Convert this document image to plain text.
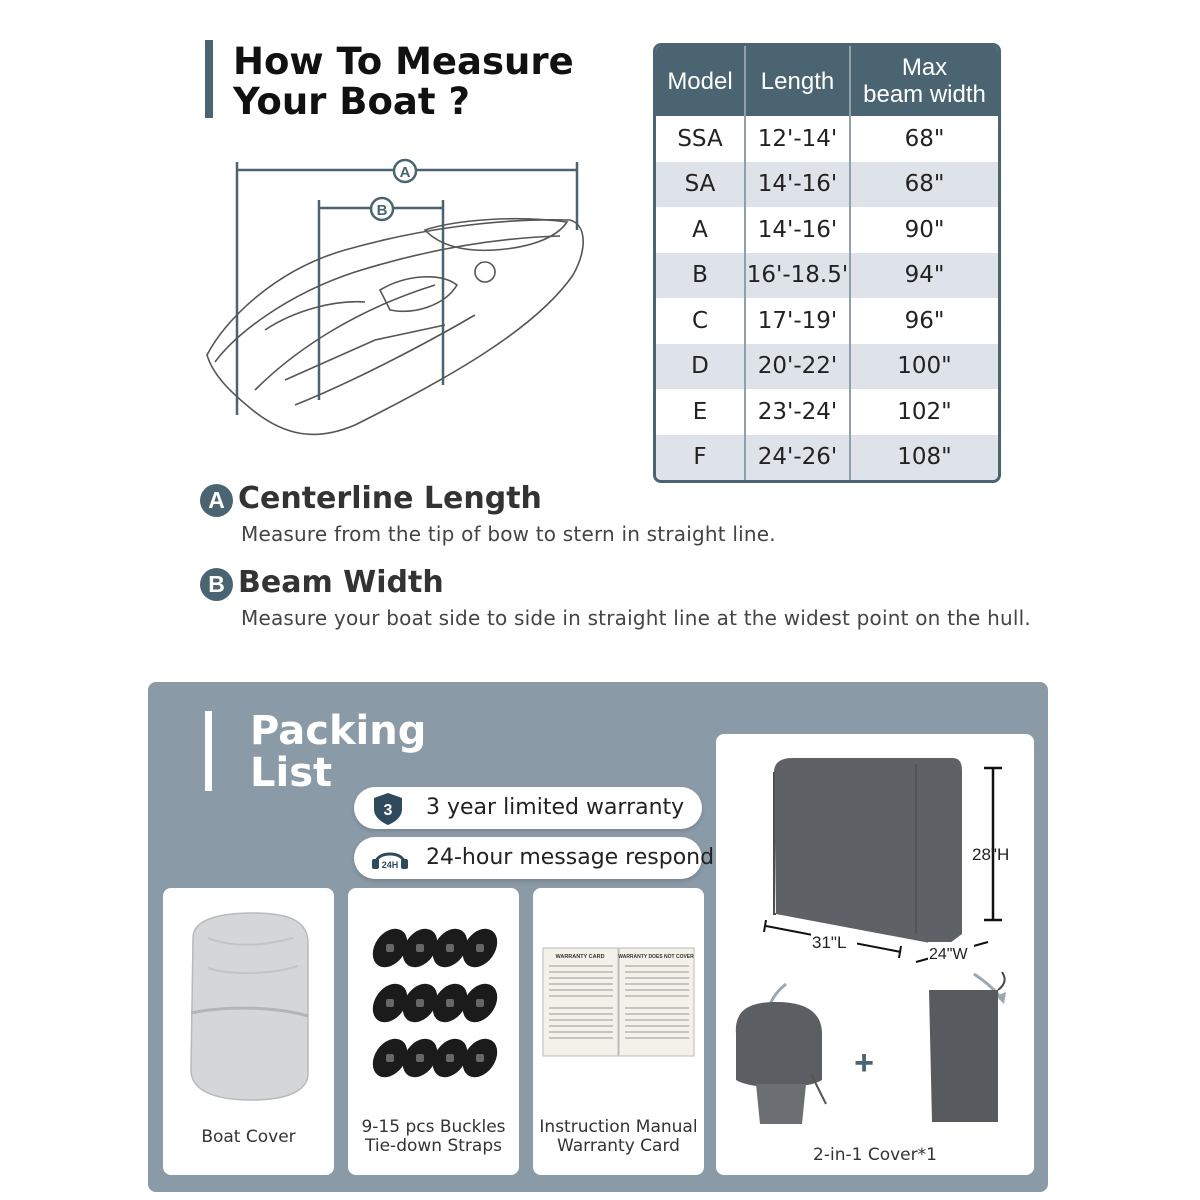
How To Measure
Your Boat ?
A
B
Model	Length	Max
beam width

SSA	12'-14'	68"
SA	14'-16'	68"
A	14'-16'	90"
B	16'-18.5'	94"
C	17'-19'	96"
D	20'-22'	100"
E	23'-24'	102"
F	24'-26'	108"
A Centerline Length
Measure from the tip of bow to stern in straight line.
B Beam Width
Measure your boat side to side in straight line at the widest point on the hull.
Packing
List
3 3 year limited warranty
24H 24-hour message respond
Boat Cover	9-15 pcs Buckles
Tie-down Straps
WARRANTY CARD	WARRANTY DOES NOT COVER
Instruction Manual
Warranty Card
28"H
31"L
24"W
+
2-in-1 Cover*1
